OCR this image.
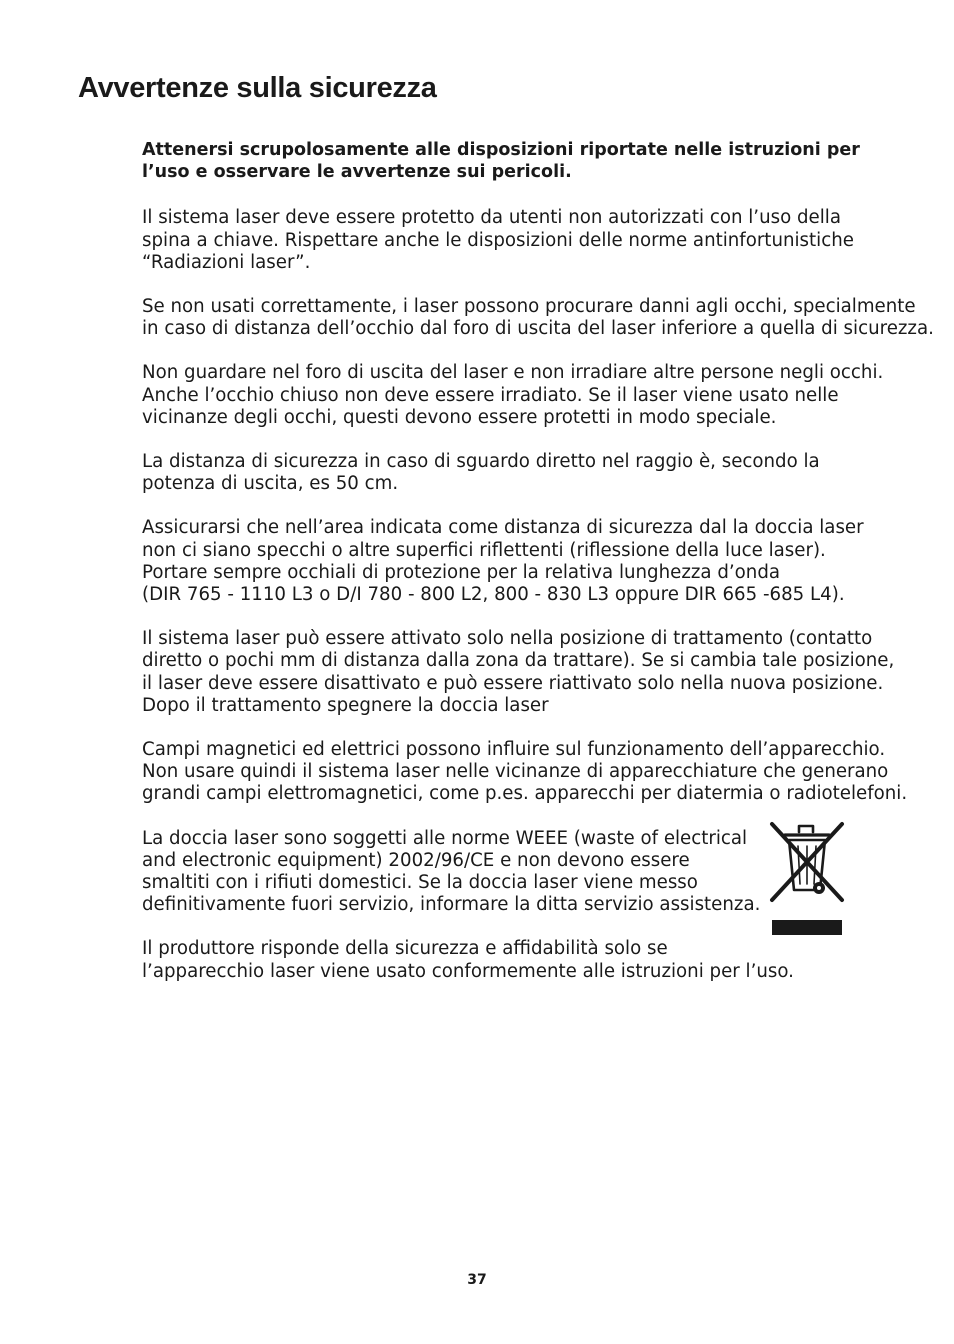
Avvertenze sulla sicurezza

Attenersi scrupolosamente alle disposizioni riportate nelle istruzioni per
l’uso e osservare le avvertenze sui pericoli.

Il sistema laser deve essere protetto da utenti non autorizzati con l’uso della
spina a chiave. Rispettare anche le disposizioni delle norme antinfortunistiche
“Radiazioni laser”.

Se non usati correttamente, i laser possono procurare danni agli occhi, specialmente
in caso di distanza dell’occhio dal foro di uscita del laser inferiore a quella di sicurezza.

Non guardare nel foro di uscita del laser e non irradiare altre persone negli occhi.
Anche l’occhio chiuso non deve essere irradiato. Se il laser viene usato nelle
vicinanze degli occhi, questi devono essere protetti in modo speciale.

La distanza di sicurezza in caso di sguardo diretto nel raggio è, secondo la
potenza di uscita, es 50 cm.

Assicurarsi che nell’area indicata come distanza di sicurezza dal la doccia laser
non ci siano specchi o altre superfici riflettenti (riflessione della luce laser).
Portare sempre occhiali di protezione per la relativa lunghezza d’onda
(DIR 765 - 1110 L3 o D/I 780 - 800 L2, 800 - 830 L3 oppure DIR 665 -685 L4).

Il sistema laser può essere attivato solo nella posizione di trattamento (contatto
diretto o pochi mm di distanza dalla zona da trattare). Se si cambia tale posizione,
il laser deve essere disattivato e può essere riattivato solo nella nuova posizione.
Dopo il trattamento spegnere la doccia laser

Campi magnetici ed elettrici possono influire sul funzionamento dell’apparecchio.
Non usare quindi il sistema laser nelle vicinanze di apparecchiature che generano
grandi campi elettromagnetici, come p.es. apparecchi per diatermia o radiotelefoni.

La doccia laser sono soggetti alle norme WEEE (waste of electrical
and electronic equipment) 2002/96/CE e non devono essere
smaltiti con i rifiuti domestici. Se la doccia laser viene messo
definitivamente fuori servizio, informare la ditta servizio assistenza.

Il produttore risponde della sicurezza e affidabilità solo se
l’apparecchio laser viene usato conformemente alle istruzioni per l’uso.

37
